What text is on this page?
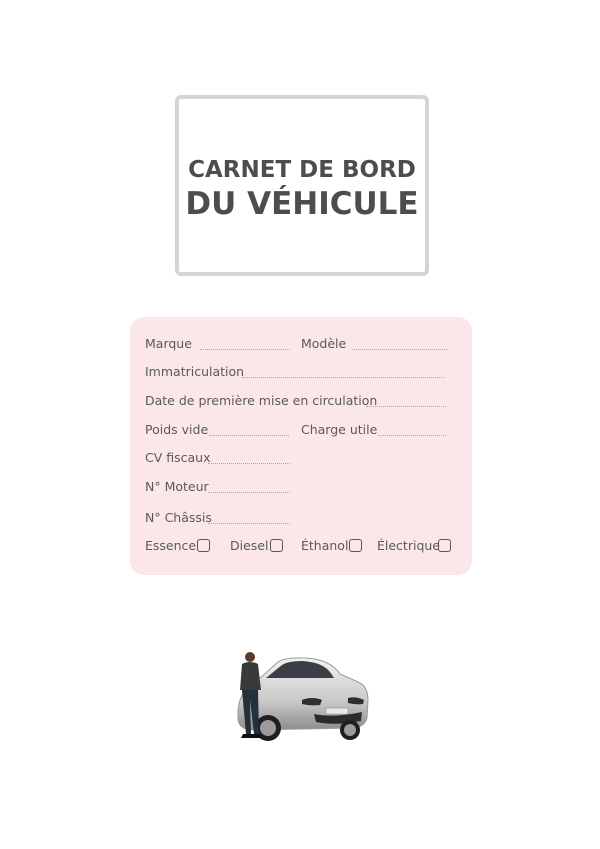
CARNET DE BORD
DU VÉHICULE
Marque	Modèle
Immatriculation
Date de première mise en circulation
Poids vide	Charge utile
CV fiscaux
N° Moteur
N° Châssis
Essence	Diesel	Éthanol Électrique
